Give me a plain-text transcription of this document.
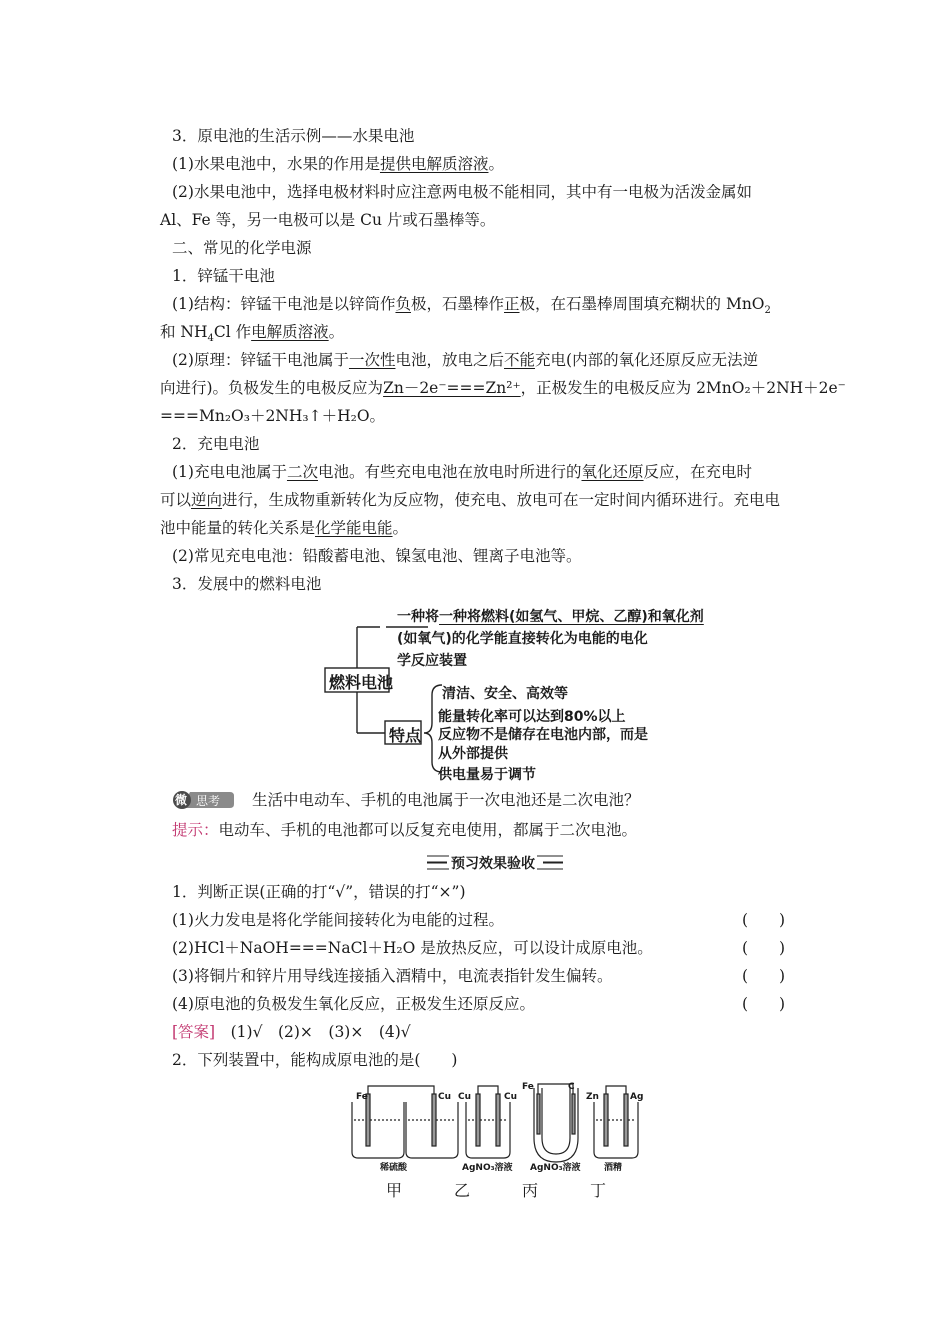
3．原电池的生活示例——水果电池
(1)水果电池中，水果的作用是提供电解质溶液。
(2)水果电池中，选择电极材料时应注意两电极不能相同，其中有一电极为活泼金属如
Al、Fe 等，另一电极可以是 Cu 片或石墨棒等。
二、常见的化学电源
1．锌锰干电池
(1)结构：锌锰干电池是以锌筒作负极，石墨棒作正极，在石墨棒周围填充糊状的 MnO$_2$
和 $NH_4Cl$ 作电解质溶液。
(2)原理：锌锰干电池属于一次性电池，放电之后不能充电(内部的氧化还原反应无法逆
向进行)。负极发生的电极反应为Zn－2e⁻===Zn²⁺，正极发生的电极反应为 2MnO₂＋2NH＋2e⁻
===Mn₂O₃＋2NH₃↑＋H₂O。
2．充电电池
(1)充电电池属于二次电池。有些充电电池在放电时所进行的氧化还原反应，在充电时
可以逆向进行，生成物重新转化为反应物，使充电、放电可在一定时间内循环进行。充电电
池中能量的转化关系是化学能电能。
(2)常见充电电池：铅酸蓄电池、镍氢电池、锂离子电池等。
3．发展中的燃料电池
燃料电池
特点
一种将一种将燃料(如氢气、甲烷、乙醇)和氧化剂
(如氧气)的化学能直接转化为电能的电化
学反应装置
清洁、安全、高效等
能量转化率可以达到80%以上
反应物不是储存在电池内部，而是
从外部提供
供电量易于调节
微 思考 生活中电动车、手机的电池属于一次电池还是二次电池？
提示：电动车、手机的电池都可以反复充电使用，都属于二次电池。
预习效果验收
1．判断正误(正确的打“√”，错误的打“×”)
(1)火力发电是将化学能间接转化为电能的过程。	(　　)
(2)HCl＋NaOH===NaCl＋H₂O 是放热反应，可以设计成原电池。	(　　)
(3)将铜片和锌片用导线连接插入酒精中，电流表指针发生偏转。	(　　)
(4)原电池的负极发生氧化反应，正极发生还原反应。	(　　)
[答案]　 (1)√　(2)×　(3)×　(4)√
2．下列装置中，能构成原电池的是(　　)
Fe	Cu Cu	Cu
Fe	C
Zn	Ag
稀硫酸	AgNO₃溶液 AgNO₃溶液	酒精
甲	乙	丙	丁
